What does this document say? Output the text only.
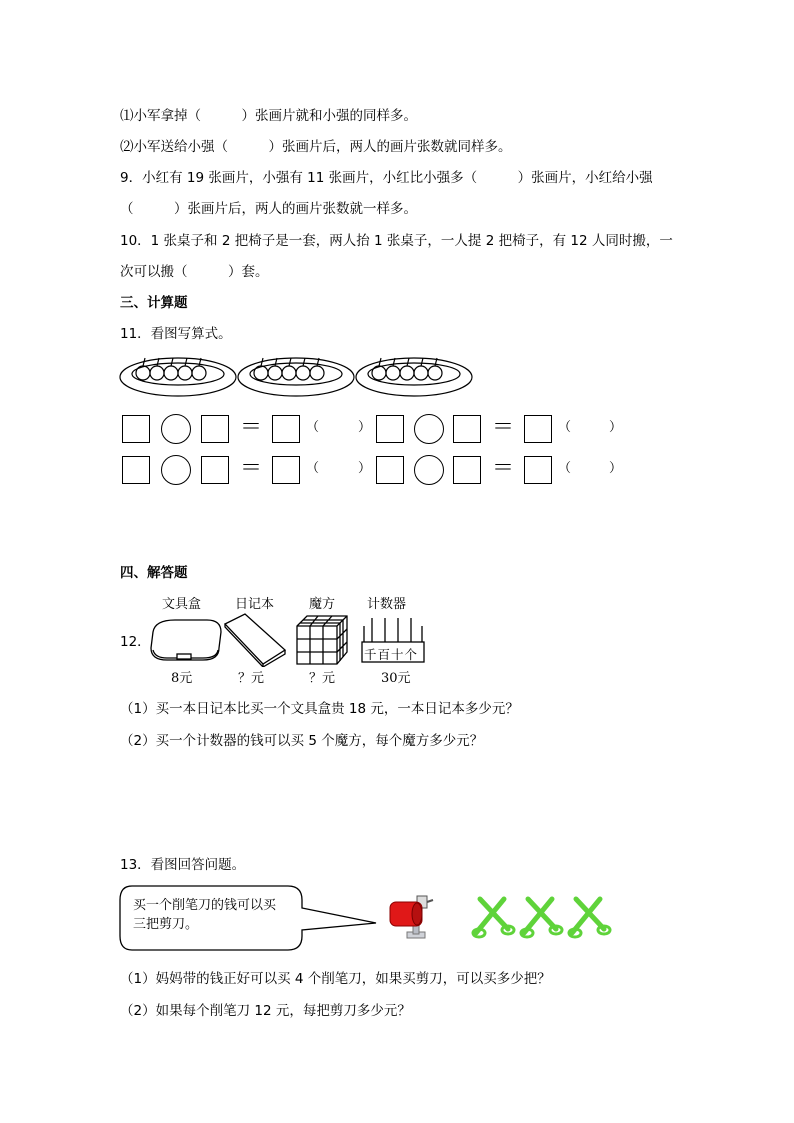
⑴小军拿掉（　　　）张画片就和小强的同样多。
⑵小军送给小强（　　　）张画片后，两人的画片张数就同样多。
9．小红有 19 张画片，小强有 11 张画片，小红比小强多（　　　）张画片，小红给小强
（　　　）张画片后，两人的画片张数就一样多。
10．1 张桌子和 2 把椅子是一套，两人抬 1 张桌子，一人提 2 把椅子，有 12 人同时搬，一
次可以搬（　　　）套。
三、计算题
11．看图写算式。
＝	（	）	＝	（	）
＝	（	）	＝	（	）
四、解答题
文具盒	日记本	魔方 计数器
12．
千百十个
8元	？元	？元	30元
（1）买一本日记本比买一个文具盒贵 18 元，一本日记本多少元？
（2）买一个计数器的钱可以买 5 个魔方，每个魔方多少元？
13．看图回答问题。
买一个削笔刀的钱可以买
三把剪刀。
（1）妈妈带的钱正好可以买 4 个削笔刀，如果买剪刀，可以买多少把？
（2）如果每个削笔刀 12 元，每把剪刀多少元？
